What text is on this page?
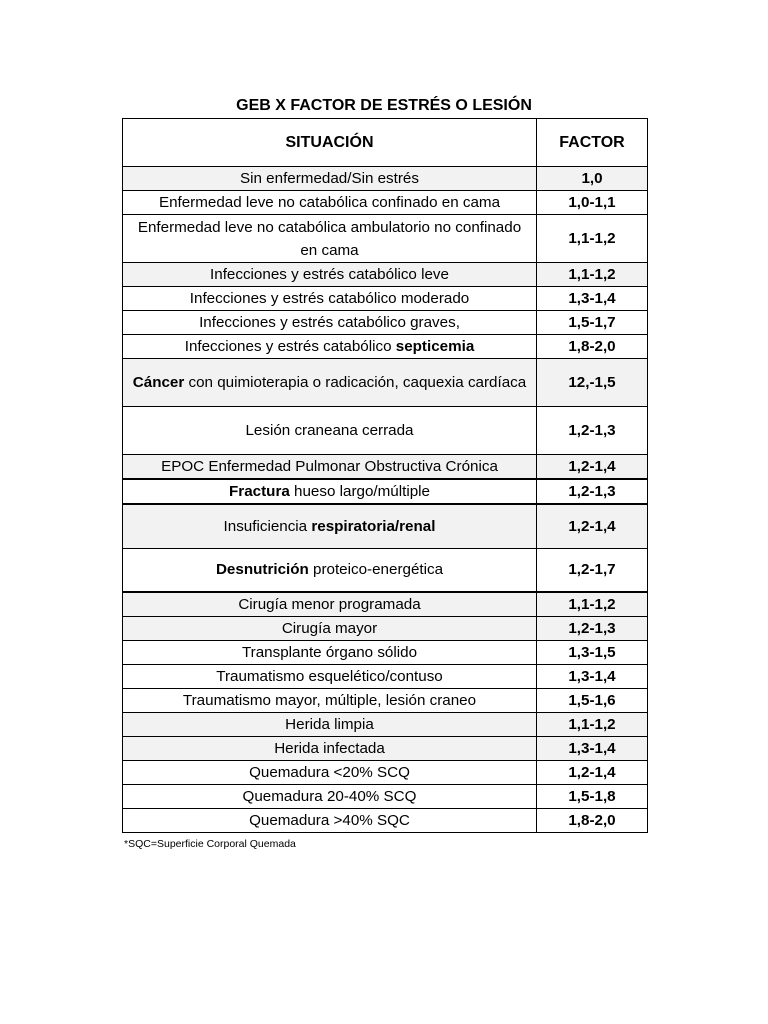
GEB X FACTOR DE ESTRÉS O LESIÓN
SITUACIÓN	FACTOR
Sin enfermedad/Sin estrés	1,0
Enfermedad leve no catabólica confinado en cama	1,0-1,1
Enfermedad leve no catabólica ambulatorio no confinado en cama	1,1-1,2
Infecciones y estrés catabólico leve	1,1-1,2
Infecciones y estrés catabólico moderado	1,3-1,4
Infecciones y estrés catabólico graves,	1,5-1,7
Infecciones y estrés catabólico septicemia	1,8-2,0
Cáncer con quimioterapia o radicación, caquexia cardíaca	12,-1,5
Lesión craneana cerrada	1,2-1,3
EPOC Enfermedad Pulmonar Obstructiva Crónica	1,2-1,4
Fractura hueso largo/múltiple	1,2-1,3
Insuficiencia respiratoria/renal	1,2-1,4
Desnutrición proteico-energética	1,2-1,7
Cirugía menor programada	1,1-1,2
Cirugía mayor	1,2-1,3
Transplante órgano sólido	1,3-1,5
Traumatismo esquelético/contuso	1,3-1,4
Traumatismo mayor, múltiple, lesión craneo	1,5-1,6
Herida limpia	1,1-1,2
Herida infectada	1,3-1,4
Quemadura <20% SCQ	1,2-1,4
Quemadura 20-40% SCQ	1,5-1,8
Quemadura >40% SQC	1,8-2,0
*SQC=Superficie Corporal Quemada
